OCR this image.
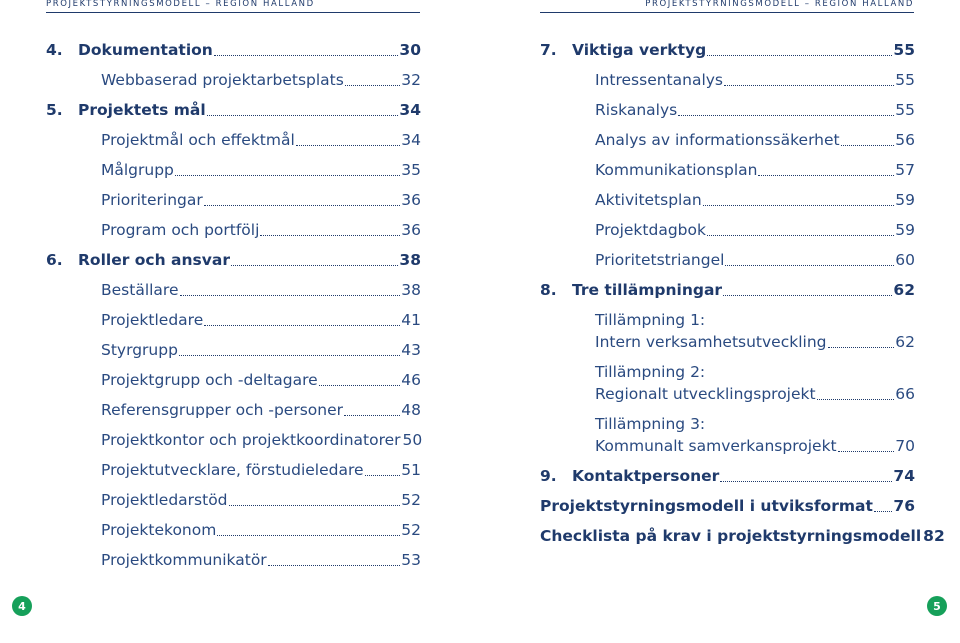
PROJEKTSTYRNINGSMODELL – REGION HALLAND	PROJEKTSTYRNINGSMODELL – REGION HALLAND
4. Dokumentation	30
Webbaserad projektarbetsplats	32
5. Projektets mål	34
Projektmål och effektmål	34
Målgrupp	35
Prioriteringar	36
Program och portfölj	36
6. Roller och ansvar	38
Beställare	38
Projektledare	41
Styrgrupp	43
Projektgrupp och -deltagare	46
Referensgrupper och -personer	48
Projektkontor och projektkoordinatorer 50
Projektutvecklare, förstudieledare 51
Projektledarstöd	52
Projektekonom	52
Projektkommunikatör	53
7. Viktiga verktyg	55
Intressentanalys	55
Riskanalys	55
Analys av informationssäkerhet	56
Kommunikationsplan	57
Aktivitetsplan	59
Projektdagbok	59
Prioritetstriangel	60
8. Tre tillämpningar	62
Tillämpning 1:
Intern verksamhetsutveckling	62
Tillämpning 2:
Regionalt utvecklingsprojekt	66
Tillämpning 3:
Kommunalt samverkansprojekt	70
9. Kontaktpersoner	74
Projektstyrningsmodell i utviksformat 76
Checklista på krav i projektstyrningsmodell 82
4	5
